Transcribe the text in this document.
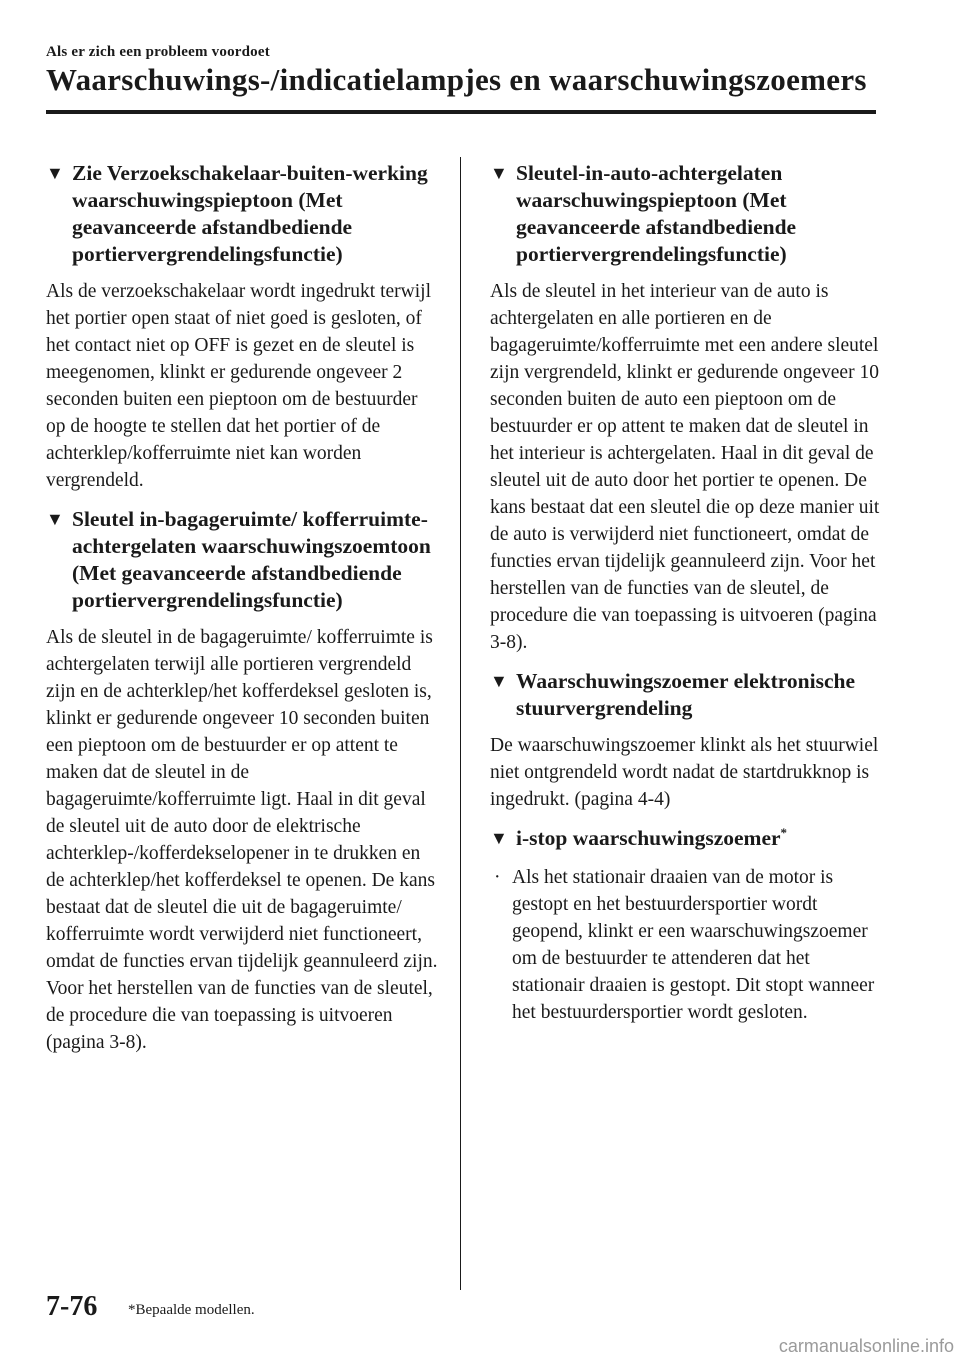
Als er zich een probleem voordoet
Waarschuwings-/indicatielampjes en waarschuwingszoemers
▼ Zie Verzoekschakelaar-buiten-werking waarschuwingspieptoon (Met geavanceerde afstandbediende portiervergrendelingsfunctie)

Als de verzoekschakelaar wordt ingedrukt terwijl het portier open staat of niet goed is gesloten, of het contact niet op OFF is gezet en de sleutel is meegenomen, klinkt er gedurende ongeveer 2 seconden buiten een pieptoon om de bestuurder op de hoogte te stellen dat het portier of de achterklep/kofferruimte niet kan worden vergrendeld.

▼ Sleutel in-bagageruimte/ kofferruimte-achtergelaten waarschuwingszoemtoon (Met geavanceerde afstandbediende portiervergrendelingsfunctie)

Als de sleutel in de bagageruimte/ kofferruimte is achtergelaten terwijl alle portieren vergrendeld zijn en de achterklep/het kofferdeksel gesloten is, klinkt er gedurende ongeveer 10 seconden buiten een pieptoon om de bestuurder er op attent te maken dat de sleutel in de bagageruimte/kofferruimte ligt. Haal in dit geval de sleutel uit de auto door de elektrische achterklep-/kofferdekselopener in te drukken en de achterklep/het kofferdeksel te openen. De kans bestaat dat de sleutel die uit de bagageruimte/ kofferruimte wordt verwijderd niet functioneert, omdat de functies ervan tijdelijk geannuleerd zijn. Voor het herstellen van de functies van de sleutel, de procedure die van toepassing is uitvoeren (pagina 3-8).

▼ Sleutel-in-auto-achtergelaten waarschuwingspieptoon (Met geavanceerde afstandbediende portiervergrendelingsfunctie)

Als de sleutel in het interieur van de auto is achtergelaten en alle portieren en de bagageruimte/kofferruimte met een andere sleutel zijn vergrendeld, klinkt er gedurende ongeveer 10 seconden buiten de auto een pieptoon om de bestuurder er op attent te maken dat de sleutel in het interieur is achtergelaten. Haal in dit geval de sleutel uit de auto door het portier te openen. De kans bestaat dat een sleutel die op deze manier uit de auto is verwijderd niet functioneert, omdat de functies ervan tijdelijk geannuleerd zijn. Voor het herstellen van de functies van de sleutel, de procedure die van toepassing is uitvoeren (pagina 3-8).

▼ Waarschuwingszoemer elektronische stuurvergrendeling

De waarschuwingszoemer klinkt als het stuurwiel niet ontgrendeld wordt nadat de startdrukknop is ingedrukt. (pagina 4-4)

▼ i-stop waarschuwingszoemer*
· Als het stationair draaien van de motor is gestopt en het bestuurdersportier wordt geopend, klinkt er een waarschuwingszoemer om de bestuurder te attenderen dat het stationair draaien is gestopt. Dit stopt wanneer het bestuurdersportier wordt gesloten.
7-76 *Bepaalde modellen.
carmanualsonline.info
